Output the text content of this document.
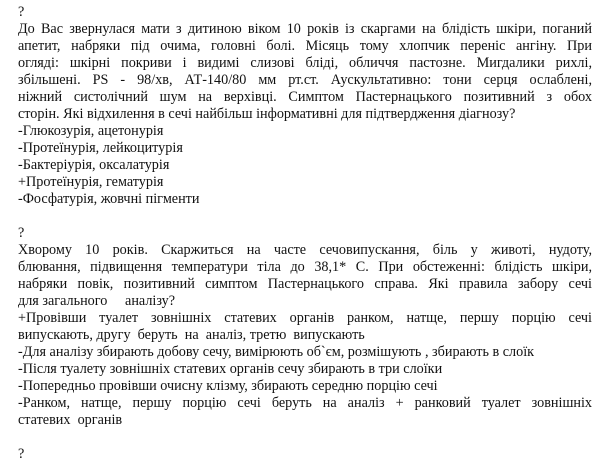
?
До Вас звернулася мати з дитиною віком 10 років із скаргами на блідість шкіри, поганий
апетит, набряки під очима, головні болі. Місяць тому хлопчик переніс ангіну. При
огляді: шкірні покриви і видимі слизові бліді, обличчя пастозне. Мигдалики рихлі,
збільшені. PS - 98/хв, АТ-140/80 мм рт.ст. Аускультативно: тони серця ослаблені,
ніжний систолічний шум на верхівці. Симптом Пастернацького позитивний з обох
сторін. Які відхилення в сечі найбільш інформативні для підтвердження діагнозу?
-Глюкозурія, ацетонурія
-Протеїнурія, лейкоцитурія
-Бактеріурія, оксалатурія
+Протеїнурія, гематурія
-Фосфатурія, жовчні пігменти
?
Хворому 10 років. Скаржиться на часте сечовипускання, біль у животі, нудоту,
блювання, підвищення температури тіла до 38,1* С. При обстеженні: блідість шкіри,
набряки повік, позитивний симптом Пастернацького справа. Які правила забору сечі
для загального     аналізу?
+Провівши туалет зовнішніх статевих органів ранком, натще, першу порцію сечі
випускають, другу  беруть  на  аналіз, третю  випускають
-Для аналізу збирають добову сечу, вимірюють об`єм, розмішують , збирають в слоїк
-Після туалету зовнішніх статевих органів сечу збирають в три слоїки
-Попередньо провівши очисну клізму, збирають середню порцію сечі
-Ранком, натще, першу порцію сечі беруть на аналіз + ранковий туалет зовнішніх
статевих  органів
?
